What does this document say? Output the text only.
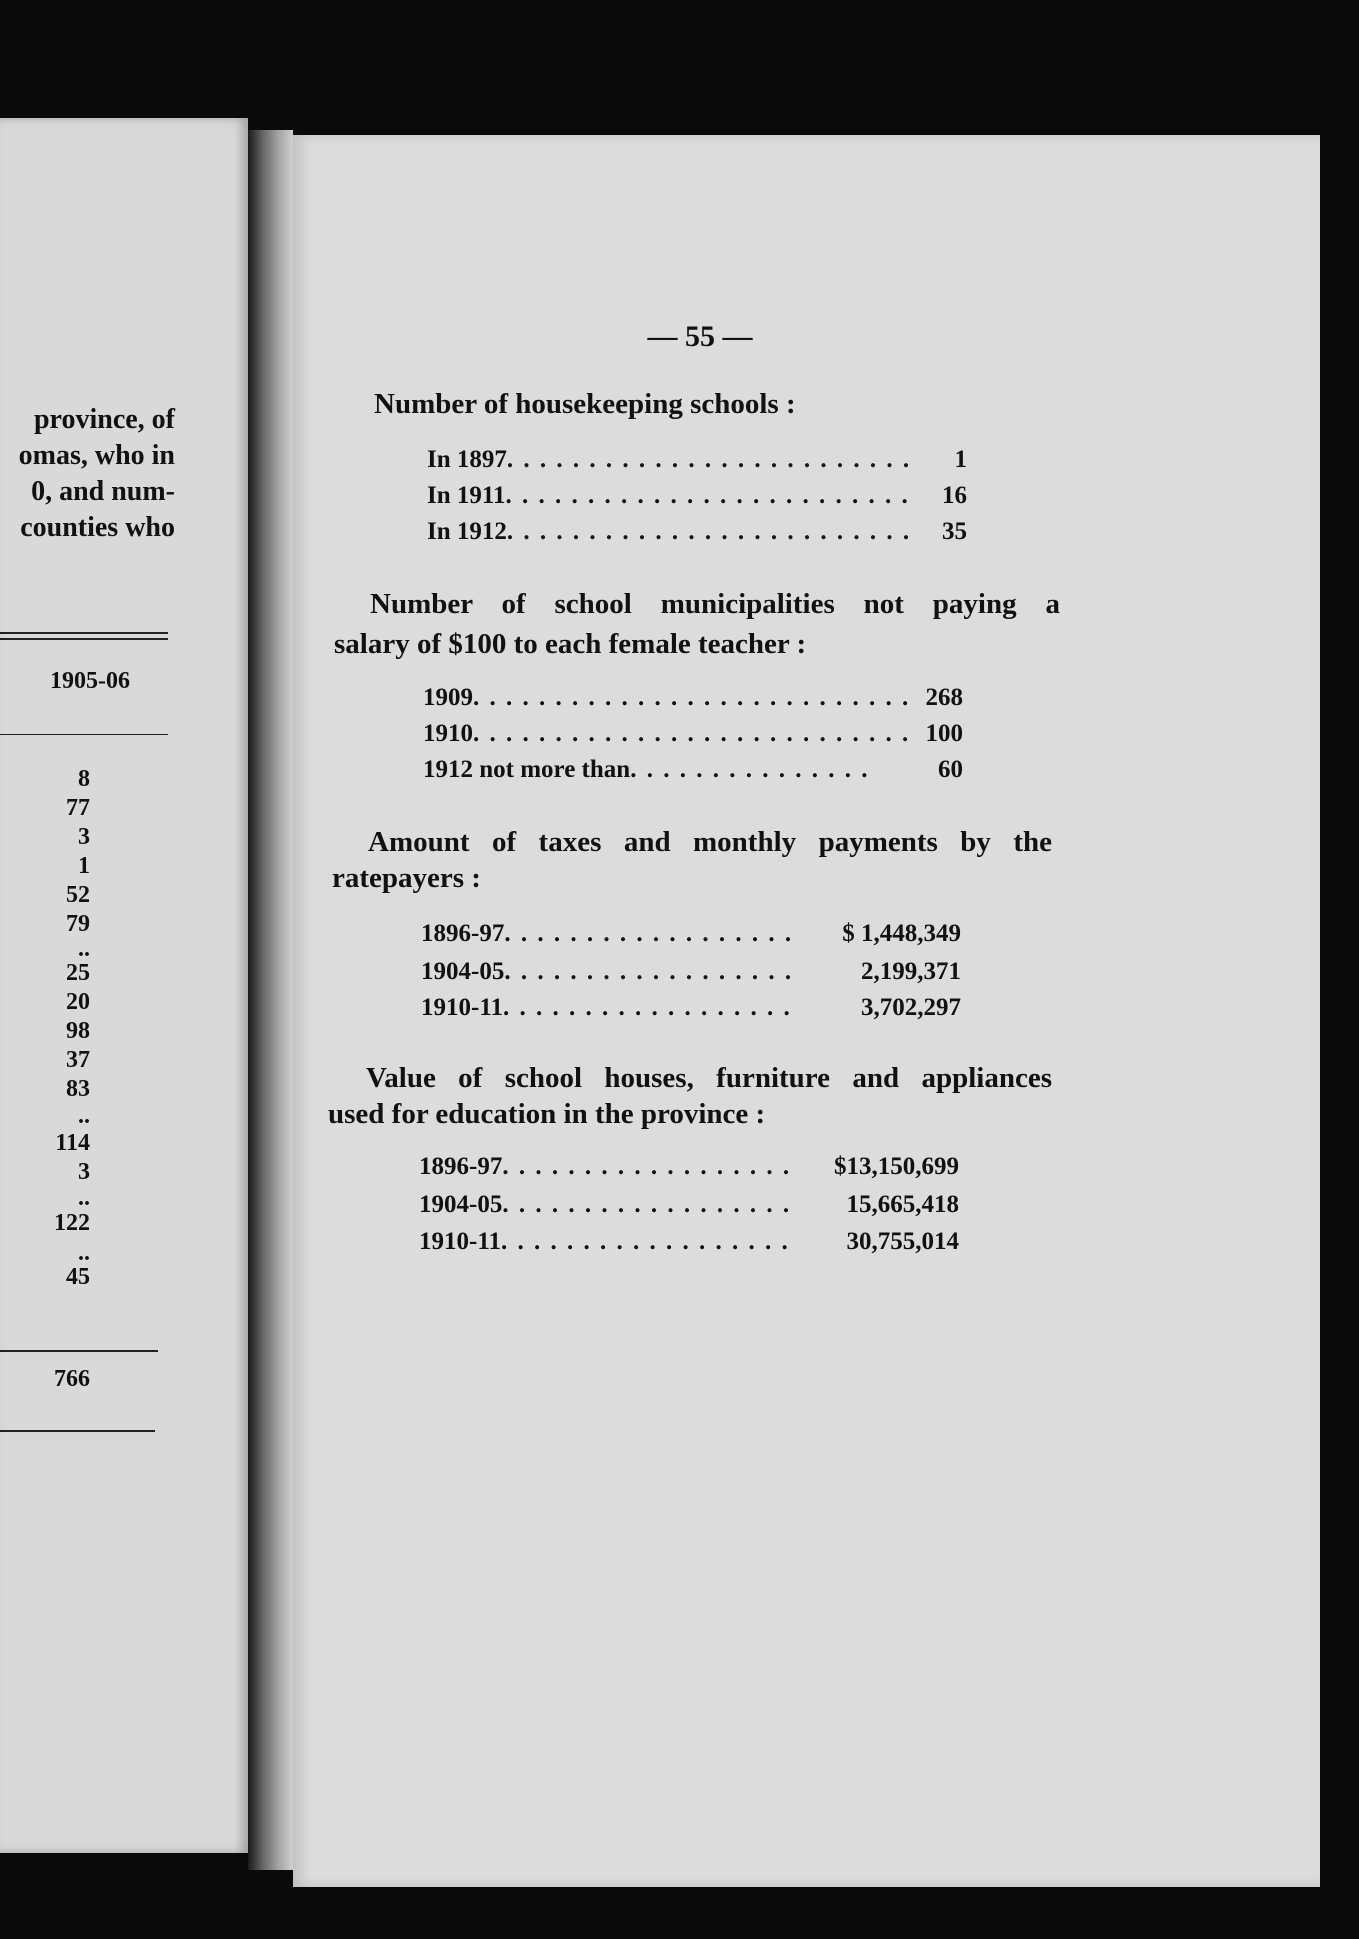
province, of
omas, who in
0, and num-
counties who
1905-06
8
77
3
1
52
79
..
25
20
98
37
83
..
114
3
..
122
..
45
766
— 55 —
Number of housekeeping schools :
In 1897. . . . . . . . . . . . . . . . . . . . . . . . . 1
In 1911. . . . . . . . . . . . . . . . . . . . . . . . . 16
In 1912. . . . . . . . . . . . . . . . . . . . . . . . . 35
Number of school municipalities not paying a
salary of $100 to each female teacher :
1909. . . . . . . . . . . . . . . . . . . . . . . . . . . 268
1910. . . . . . . . . . . . . . . . . . . . . . . . . . . 100
1912 not more than. . . . . . . . . . . . . . .	60
Amount of taxes and monthly payments by the
ratepayers :
1896-97. . . . . . . . . . . . . . . . . . $ 1,448,349
1904-05. . . . . . . . . . . . . . . . . .	2,199,371
1910-11. . . . . . . . . . . . . . . . . .	3,702,297
Value of school houses, furniture and appliances
used for education in the province :
1896-97. . . . . . . . . . . . . . . . . . $13,150,699
1904-05. . . . . . . . . . . . . . . . . . 15,665,418
1910-11. . . . . . . . . . . . . . . . . . 30,755,014
